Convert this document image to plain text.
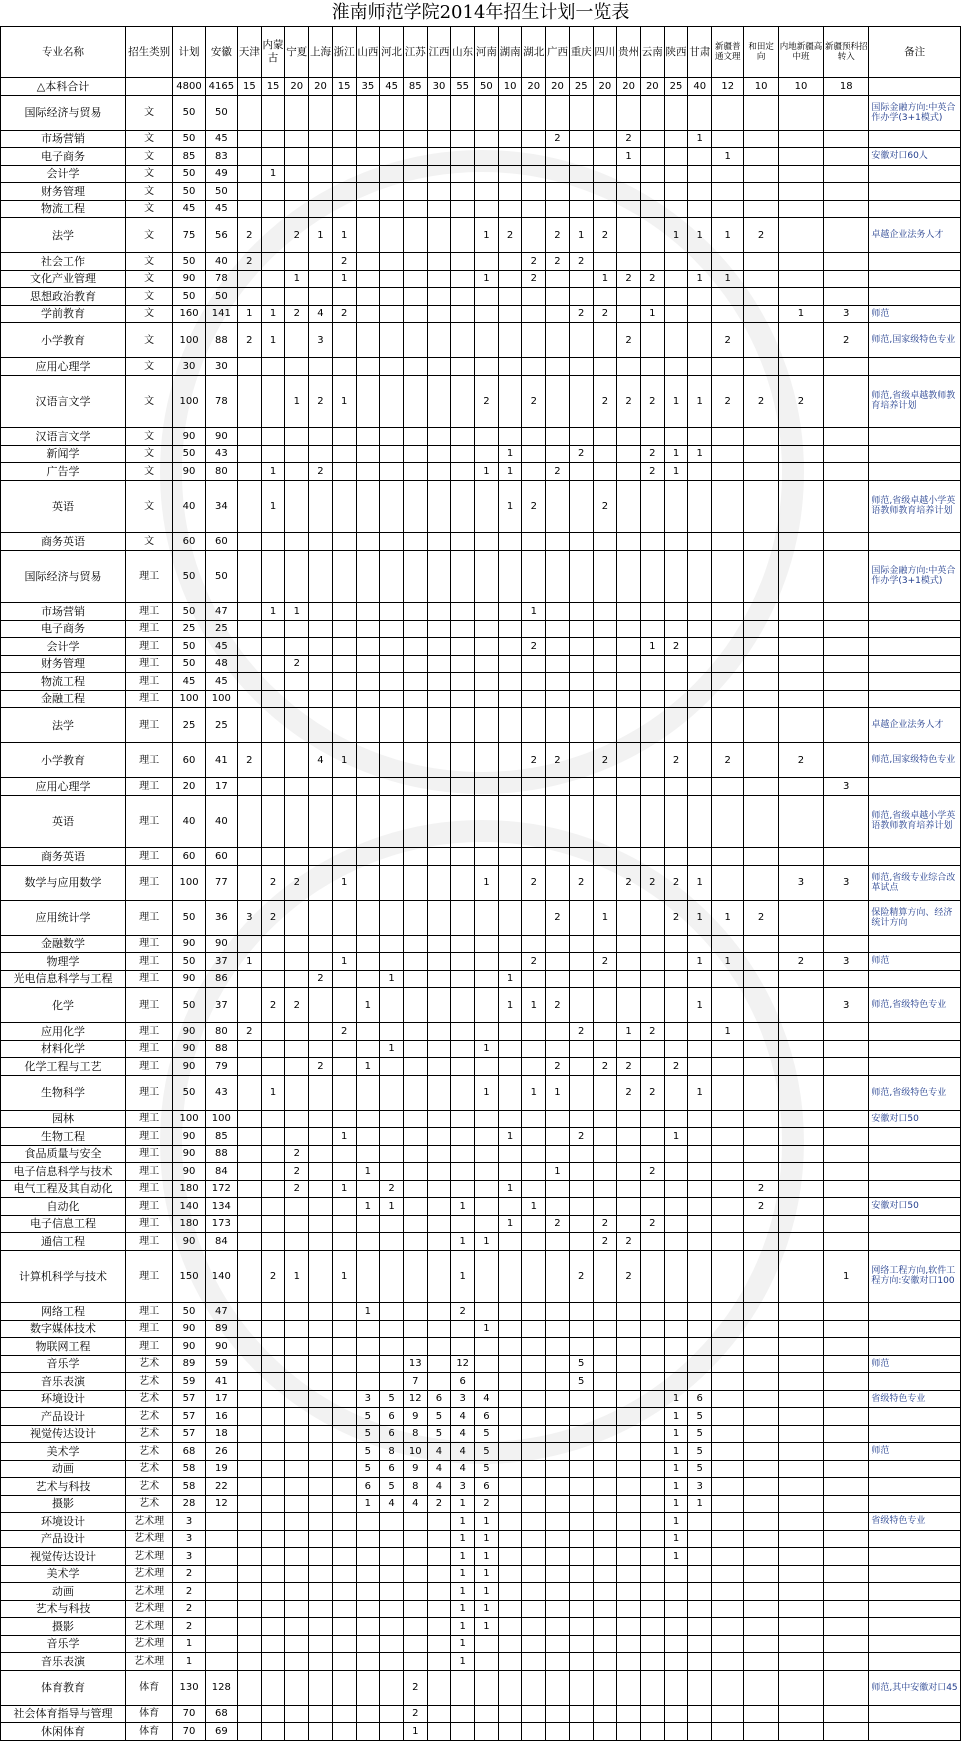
淮南师范学院2014年招生计划一览表
专业名称	招生类别	计划	安徽	天津	内蒙古	宁夏	上海	浙江	山西	河北	江苏	江西	山东	河南	湖南	湖北	广西	重庆	四川	贵州	云南	陕西	甘肃	新疆普通文理	和田定向	内地新疆高中班	新疆预科招转入	备注
△本科合计		4800	4165	15	15	20	20	15	35	45	85	30	55	50	10	20	20	25	20	20	20	25	40	12	10	10	18	
国际经济与贸易	文	50	50																									国际金融方向:中英合作办学(3+1模式)
市场营销	文	50	45														2			2			1					
电子商务	文	85	83																	1				1				安徽对口60人
会计学	文	50	49		1																							
财务管理	文	50	50																									
物流工程	文	45	45																									
法学	文	75	56	2		2	1	1						1	2		2	1	2			1	1	1	2			卓越企业法务人才
社会工作	文	50	40	2				2								2	2	2										
文化产业管理	文	90	78			1		1						1		2			1	2	2		1	1				
思想政治教育	文	50	50																									
学前教育	文	160	141	1	1	2	4	2										2	2		1					1	3	师范
小学教育	文	100	88	2	1		3													2				2			2	师范,国家级特色专业
应用心理学	文	30	30																									
汉语言文学	文	100	78			1	2	1						2		2			2	2	2	1	1	2	2	2		师范,省级卓越教师教育培养计划
汉语言文学	文	90	90																									
新闻学	文	50	43												1			2			2	1	1					
广告学	文	90	80		1		2							1	1		2				2	1						
英语	文	40	34		1										1	2			2									师范,省级卓越小学英语教师教育培养计划
商务英语	文	60	60																									
国际经济与贸易	理工	50	50																									国际金融方向:中英合作办学(3+1模式)
市场营销	理工	50	47		1	1										1												
电子商务	理工	25	25																									
会计学	理工	50	45													2					1	2						
财务管理	理工	50	48			2																						
物流工程	理工	45	45																									
金融工程	理工	100	100																									
法学	理工	25	25																									卓越企业法务人才
小学教育	理工	60	41	2			4	1								2	2		2			2		2		2		师范,国家级特色专业
应用心理学	理工	20	17																								3	
英语	理工	40	40																									师范,省级卓越小学英语教师教育培养计划
商务英语	理工	60	60																									
数学与应用数学	理工	100	77		2	2		1						1		2		2		2	2	2	1			3	3	师范,省级专业综合改革试点
应用统计学	理工	50	36	3	2												2		1			2	1	1	2			保险精算方向、经济统计方向
金融数学	理工	90	90																									
物理学	理工	50	37	1				1								2			2				1	1		2	3	师范
光电信息科学与工程	理工	90	86				2			1					1													
化学	理工	50	37		2	2			1						1	1	2						1				3	师范,省级特色专业
应用化学	理工	90	80	2				2										2		1	2			1				
材料化学	理工	90	88							1				1														
化学工程与工艺	理工	90	79				2		1								2		2	2		2						
生物科学	理工	50	43		1									1		1	1			2	2		1					师范,省级特色专业
园林	理工	100	100																									安徽对口50
生物工程	理工	90	85					1							1			2				1						
食品质量与安全	理工	90	88			2																						
电子信息科学与技术	理工	90	84			2			1								1				2							
电气工程及其自动化	理工	180	172			2		1		2					1										2			
自动化	理工	140	134						1	1			1			1									2			安徽对口50
电子信息工程	理工	180	173												1		2		2		2							
通信工程	理工	90	84										1	1					2	2								
计算机科学与技术	理工	150	140		2	1		1					1					2		2							1	网络工程方向,软件工程方向:安徽对口100
网络工程	理工	50	47						1				2															
数字媒体技术	理工	90	89											1														
物联网工程	理工	90	90																									
音乐学	艺术	89	59								13		12					5										师范
音乐表演	艺术	59	41								7		6					5										
环境设计	艺术	57	17						3	5	12	6	3	4								1	6					省级特色专业
产品设计	艺术	57	16						5	6	9	5	4	6								1	5					
视觉传达设计	艺术	57	18						5	6	8	5	4	5								1	5					
美术学	艺术	68	26						5	8	10	4	4	5								1	5					师范
动画	艺术	58	19						5	6	9	4	4	5								1	5					
艺术与科技	艺术	58	22						6	5	8	4	3	6								1	3					
摄影	艺术	28	12						1	4	4	2	1	2								1	1					
环境设计	艺术理	3											1	1								1						省级特色专业
产品设计	艺术理	3											1	1								1						
视觉传达设计	艺术理	3											1	1								1						
美术学	艺术理	2											1	1														
动画	艺术理	2											1	1														
艺术与科技	艺术理	2											1	1														
摄影	艺术理	2											1	1														
音乐学	艺术理	1											1															
音乐表演	艺术理	1											1															
体育教育	体育	130	128								2																	师范,其中安徽对口45
社会体育指导与管理	体育	70	68								2																	
休闲体育	体育	70	69								1																	
